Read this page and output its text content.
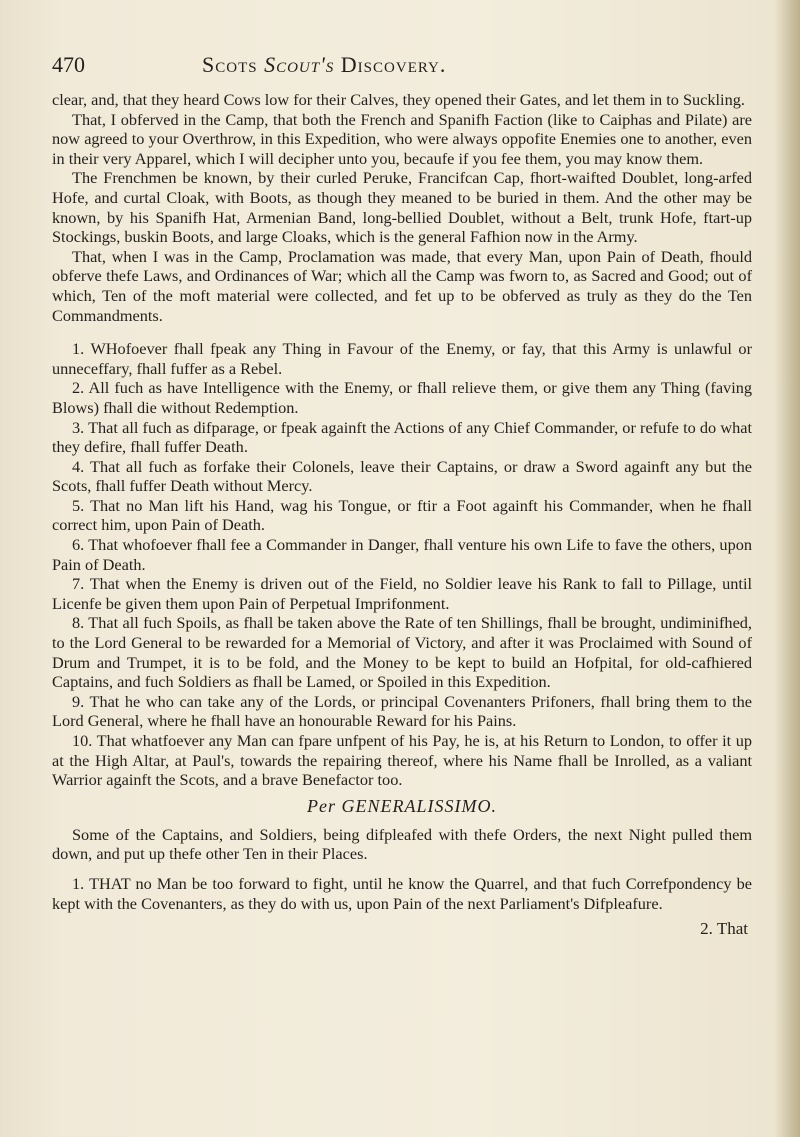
470	Scots Scout's Discovery.

clear, and, that they heard Cows low for their Calves, they opened their Gates, and let them in to Suckling.

That, I obferved in the Camp, that both the French and Spanifh Faction (like to Caiphas and Pilate) are now agreed to your Overthrow, in this Expedition, who were always oppofite Enemies one to another, even in their very Apparel, which I will decipher unto you, becaufe if you fee them, you may know them.

The Frenchmen be known, by their curled Peruke, Francifcan Cap, fhort-waifted Doublet, long-arfed Hofe, and curtal Cloak, with Boots, as though they meaned to be buried in them. And the other may be known, by his Spanifh Hat, Armenian Band, long-bellied Doublet, without a Belt, trunk Hofe, ftart-up Stockings, buskin Boots, and large Cloaks, which is the general Fafhion now in the Army.

That, when I was in the Camp, Proclamation was made, that every Man, upon Pain of Death, fhould obferve thefe Laws, and Ordinances of War; which all the Camp was fworn to, as Sacred and Good; out of which, Ten of the moft material were collected, and fet up to be obferved as truly as they do the Ten Commandments.

1. WHofoever fhall fpeak any Thing in Favour of the Enemy, or fay, that this Army is unlawful or unneceffary, fhall fuffer as a Rebel.

2. All fuch as have Intelligence with the Enemy, or fhall relieve them, or give them any Thing (faving Blows) fhall die without Redemption.

3. That all fuch as difparage, or fpeak againft the Actions of any Chief Commander, or refufe to do what they defire, fhall fuffer Death.

4. That all fuch as forfake their Colonels, leave their Captains, or draw a Sword againft any but the Scots, fhall fuffer Death without Mercy.

5. That no Man lift his Hand, wag his Tongue, or ftir a Foot againft his Commander, when he fhall correct him, upon Pain of Death.

6. That whofoever fhall fee a Commander in Danger, fhall venture his own Life to fave the others, upon Pain of Death.

7. That when the Enemy is driven out of the Field, no Soldier leave his Rank to fall to Pillage, until Licenfe be given them upon Pain of Perpetual Imprifonment.

8. That all fuch Spoils, as fhall be taken above the Rate of ten Shillings, fhall be brought, undiminifhed, to the Lord General to be rewarded for a Memorial of Victory, and after it was Proclaimed with Sound of Drum and Trumpet, it is to be fold, and the Money to be kept to build an Hofpital, for old-cafhiered Captains, and fuch Soldiers as fhall be Lamed, or Spoiled in this Expedition.

9. That he who can take any of the Lords, or principal Covenanters Prifoners, fhall bring them to the Lord General, where he fhall have an honourable Reward for his Pains.

10. That whatfoever any Man can fpare unfpent of his Pay, he is, at his Return to London, to offer it up at the High Altar, at Paul's, towards the repairing thereof, where his Name fhall be Inrolled, as a valiant Warrior againft the Scots, and a brave Benefactor too.

Per GENERALISSIMO.

Some of the Captains, and Soldiers, being difpleafed with thefe Orders, the next Night pulled them down, and put up thefe other Ten in their Places.

1. THAT no Man be too forward to fight, until he know the Quarrel, and that fuch Correfpondency be kept with the Covenanters, as they do with us, upon Pain of the next Parliament's Difpleafure.

2. That
